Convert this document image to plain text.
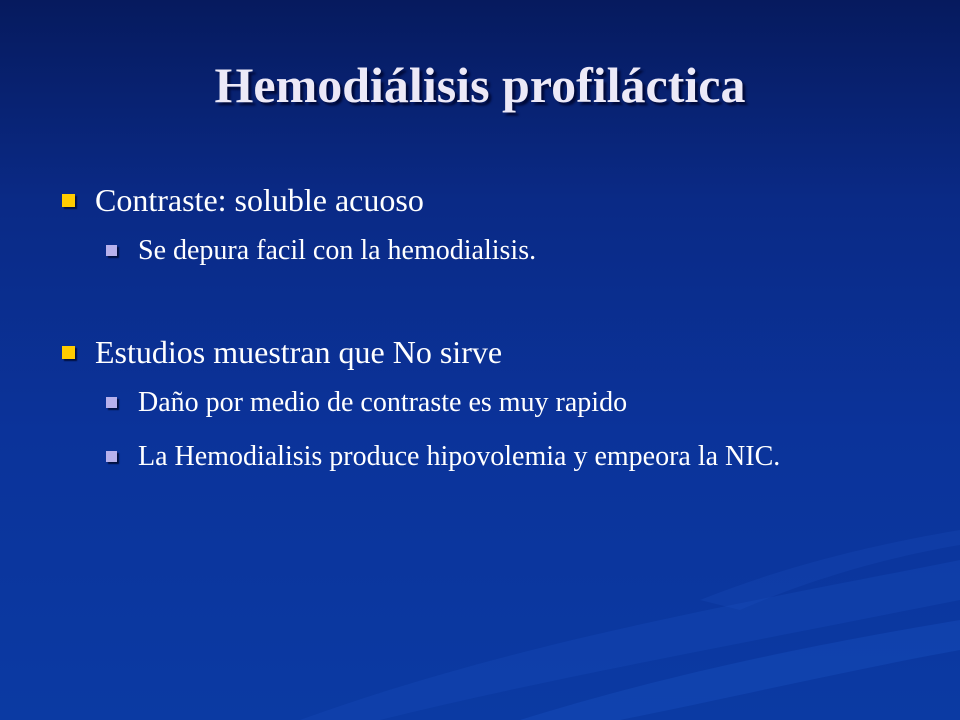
Hemodiálisis profiláctica
Contraste: soluble acuoso
Se depura facil con la hemodialisis.
Estudios muestran que No sirve
Daño por medio de contraste es muy rapido
La Hemodialisis produce hipovolemia y empeora la NIC.
